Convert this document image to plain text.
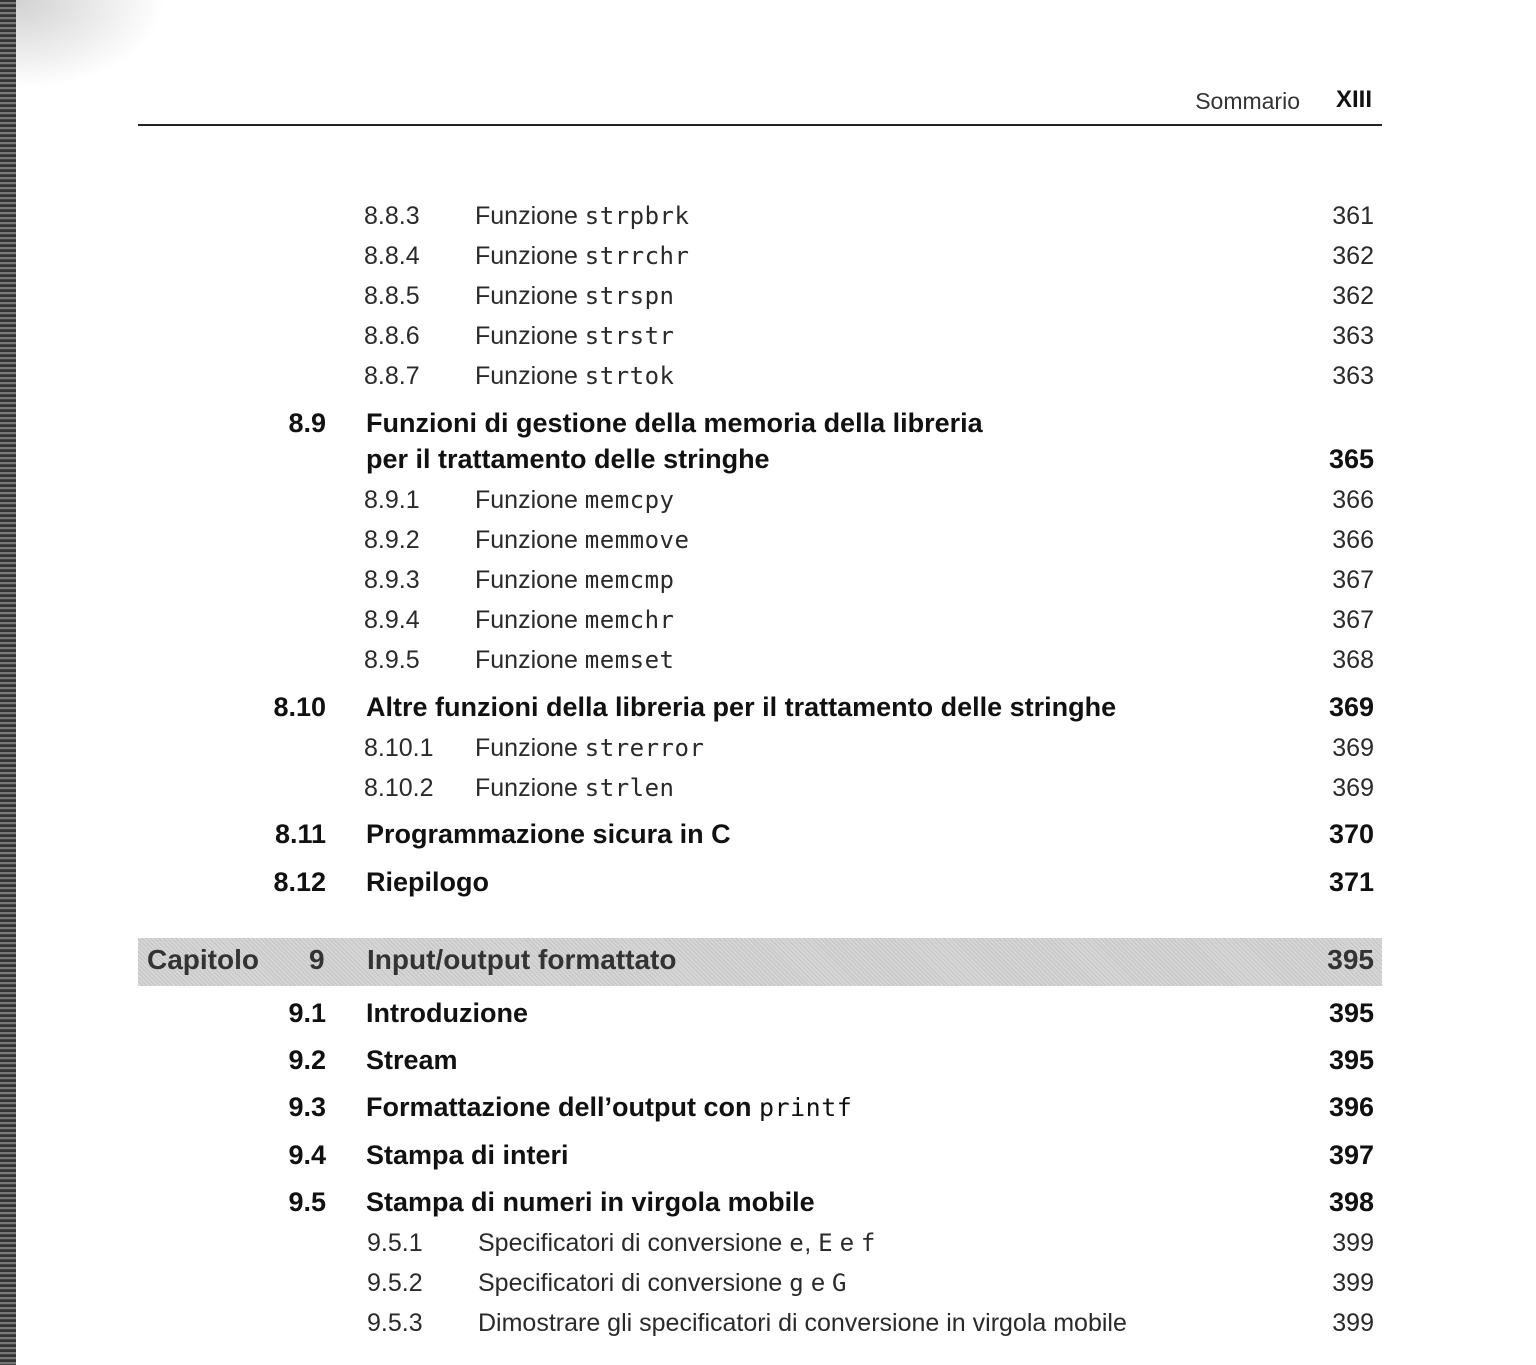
Sommario XIII
8.8.3 Funzione strpbrk	361
8.8.4 Funzione strrchr	362
8.8.5 Funzione strspn	362
8.8.6 Funzione strstr	363
8.8.7 Funzione strtok	363
8.9 Funzioni di gestione della memoria della libreria
per il trattamento delle stringhe	365
8.9.1 Funzione memcpy	366
8.9.2 Funzione memmove	366
8.9.3 Funzione memcmp	367
8.9.4 Funzione memchr	367
8.9.5 Funzione memset	368
8.10 Altre funzioni della libreria per il trattamento delle stringhe	369
8.10.1 Funzione strerror	369
8.10.2 Funzione strlen	369
8.11 Programmazione sicura in C	370
8.12 Riepilogo	371
Capitolo 9 Input/output formattato	395
9.1 Introduzione	395
9.2 Stream	395
9.3 Formattazione dell’output con printf	396
9.4 Stampa di interi	397
9.5 Stampa di numeri in virgola mobile	398
9.5.1 Specificatori di conversione e, E e f	399
9.5.2 Specificatori di conversione g e G	399
9.5.3 Dimostrare gli specificatori di conversione in virgola mobile	399
